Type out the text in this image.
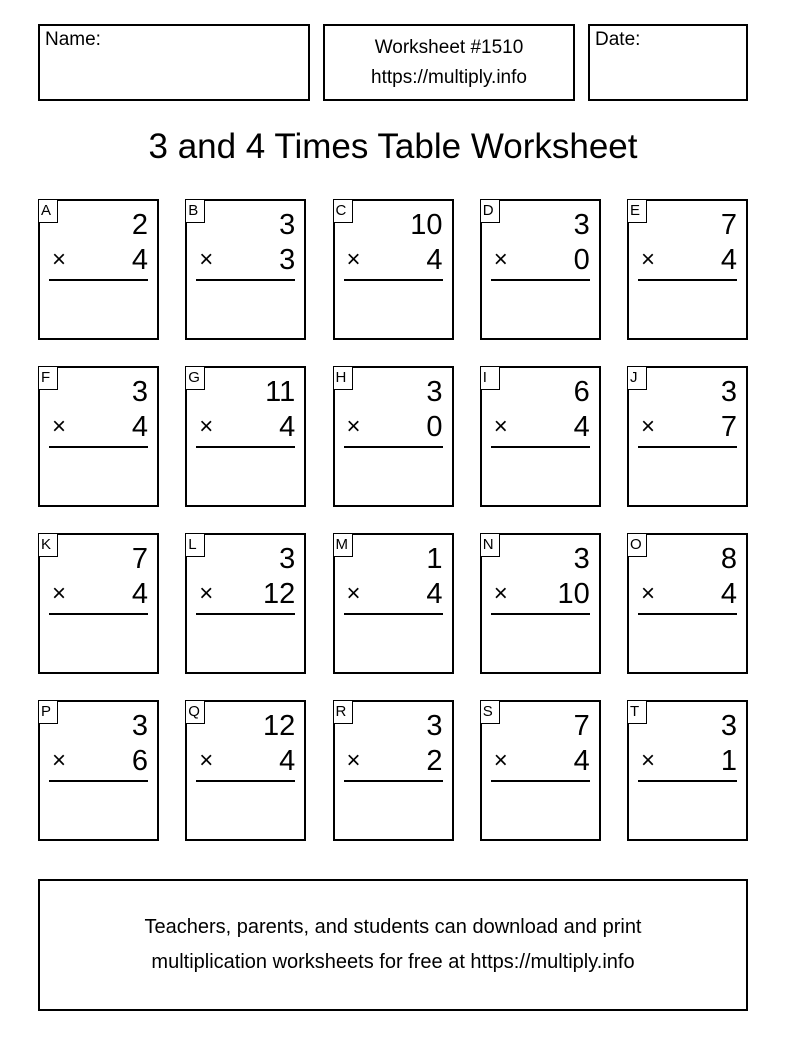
Name:	Worksheet #1510
https://multiply.info
Date:
3 and 4 Times Table Worksheet
A	2
× 4
B	3
× 3
C 10
× 4
D	3
× 0
E	7
× 4
F	3
× 4
G 11
× 4
H	3
× 0
I	6
× 4
J	3
× 7
K	7
× 4
L	3
× 12
M	1
× 4
N	3
× 10
O	8
× 4
P	3
× 6
Q 12
× 4
R	3
× 2
S	7
× 4
T	3
× 1
Teachers, parents, and students can download and print
multiplication worksheets for free at https://multiply.info
